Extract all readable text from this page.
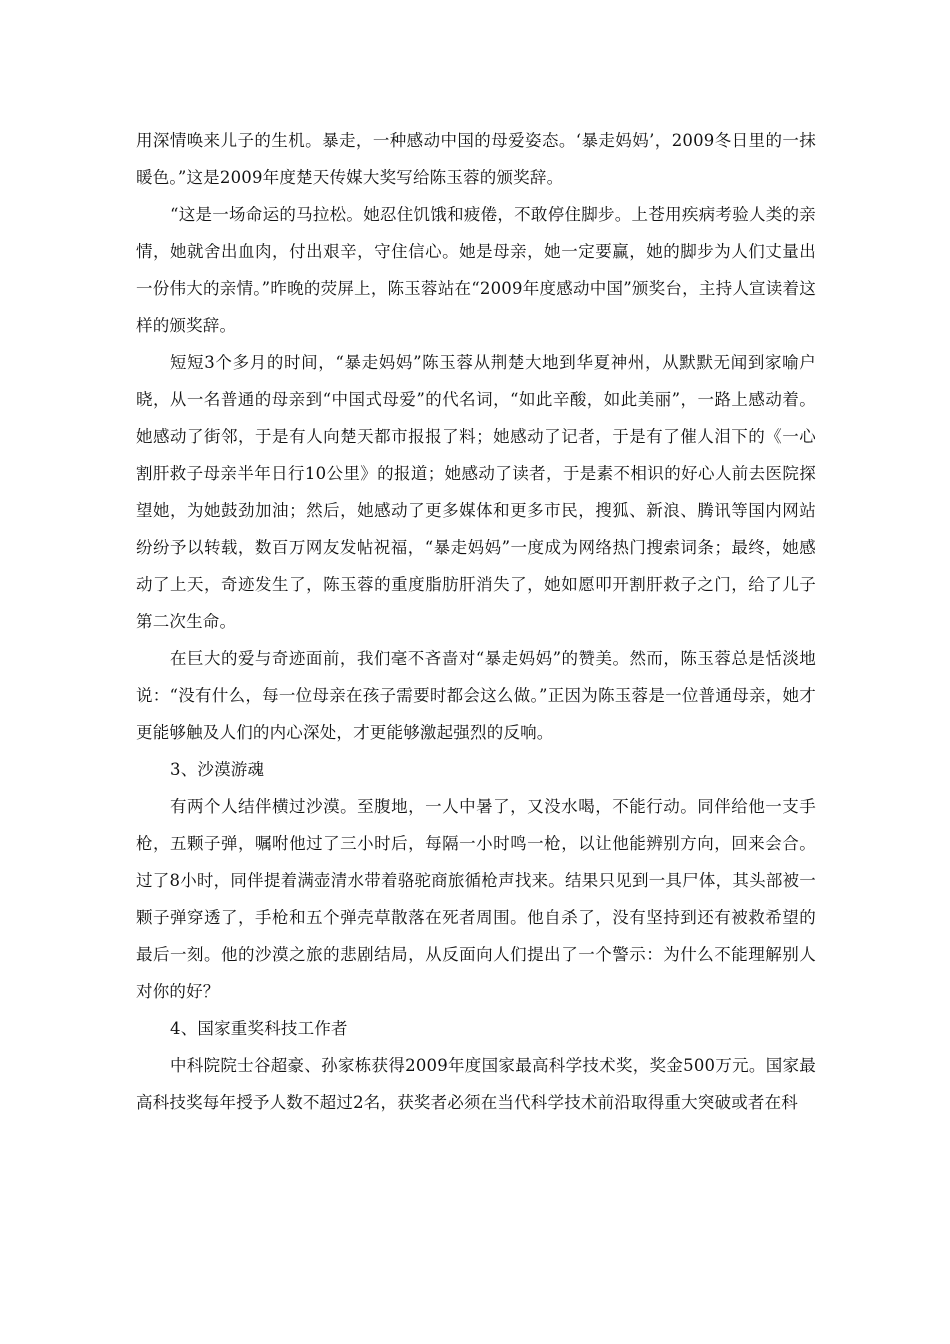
用深情唤来儿子的生机。暴走，一种感动中国的母爱姿态。‘暴走妈妈’，2009冬日里的一抹暖色。”这是2009年度楚天传媒大奖写给陈玉蓉的颁奖辞。

“这是一场命运的马拉松。她忍住饥饿和疲倦，不敢停住脚步。上苍用疾病考验人类的亲情，她就舍出血肉，付出艰辛，守住信心。她是母亲，她一定要赢，她的脚步为人们丈量出一份伟大的亲情。”昨晚的荧屏上，陈玉蓉站在“2009年度感动中国”颁奖台，主持人宣读着这样的颁奖辞。

短短3个多月的时间，“暴走妈妈”陈玉蓉从荆楚大地到华夏神州，从默默无闻到家喻户晓，从一名普通的母亲到“中国式母爱”的代名词，“如此辛酸，如此美丽”，一路上感动着。她感动了街邻，于是有人向楚天都市报报了料；她感动了记者，于是有了催人泪下的《一心割肝救子母亲半年日行10公里》的报道；她感动了读者，于是素不相识的好心人前去医院探望她，为她鼓劲加油；然后，她感动了更多媒体和更多市民，搜狐、新浪、腾讯等国内网站纷纷予以转载，数百万网友发帖祝福，“暴走妈妈”一度成为网络热门搜索词条；最终，她感动了上天，奇迹发生了，陈玉蓉的重度脂肪肝消失了，她如愿叩开割肝救子之门，给了儿子第二次生命。

在巨大的爱与奇迹面前，我们毫不吝啬对“暴走妈妈”的赞美。然而，陈玉蓉总是恬淡地说：“没有什么，每一位母亲在孩子需要时都会这么做。”正因为陈玉蓉是一位普通母亲，她才更能够触及人们的内心深处，才更能够激起强烈的反响。

3、沙漠游魂

有两个人结伴横过沙漠。至腹地，一人中暑了，又没水喝，不能行动。同伴给他一支手枪，五颗子弹，嘱咐他过了三小时后，每隔一小时鸣一枪，以让他能辨别方向，回来会合。过了8小时，同伴提着满壶清水带着骆驼商旅循枪声找来。结果只见到一具尸体，其头部被一颗子弹穿透了，手枪和五个弹壳草散落在死者周围。他自杀了，没有坚持到还有被救希望的最后一刻。他的沙漠之旅的悲剧结局，从反面向人们提出了一个警示：为什么不能理解别人对你的好？

4、国家重奖科技工作者

中科院院士谷超豪、孙家栋获得2009年度国家最高科学技术奖，奖金500万元。国家最高科技奖每年授予人数不超过2名，获奖者必须在当代科学技术前沿取得重大突破或者在科
